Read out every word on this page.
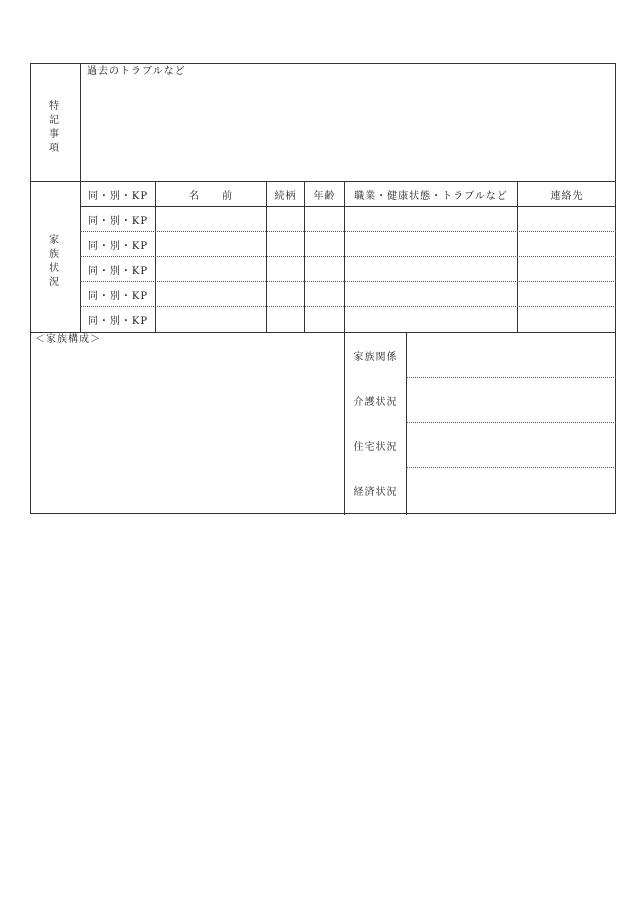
特記事項
過去のトラブルなど
家族状況
同・別・KP	名　　前	続柄	年齢	職業・健康状態・トラブルなど	連絡先
同・別・KP
同・別・KP
同・別・KP
同・別・KP
同・別・KP
＜家族構成＞
家族関係
介護状況
住宅状況
経済状況
